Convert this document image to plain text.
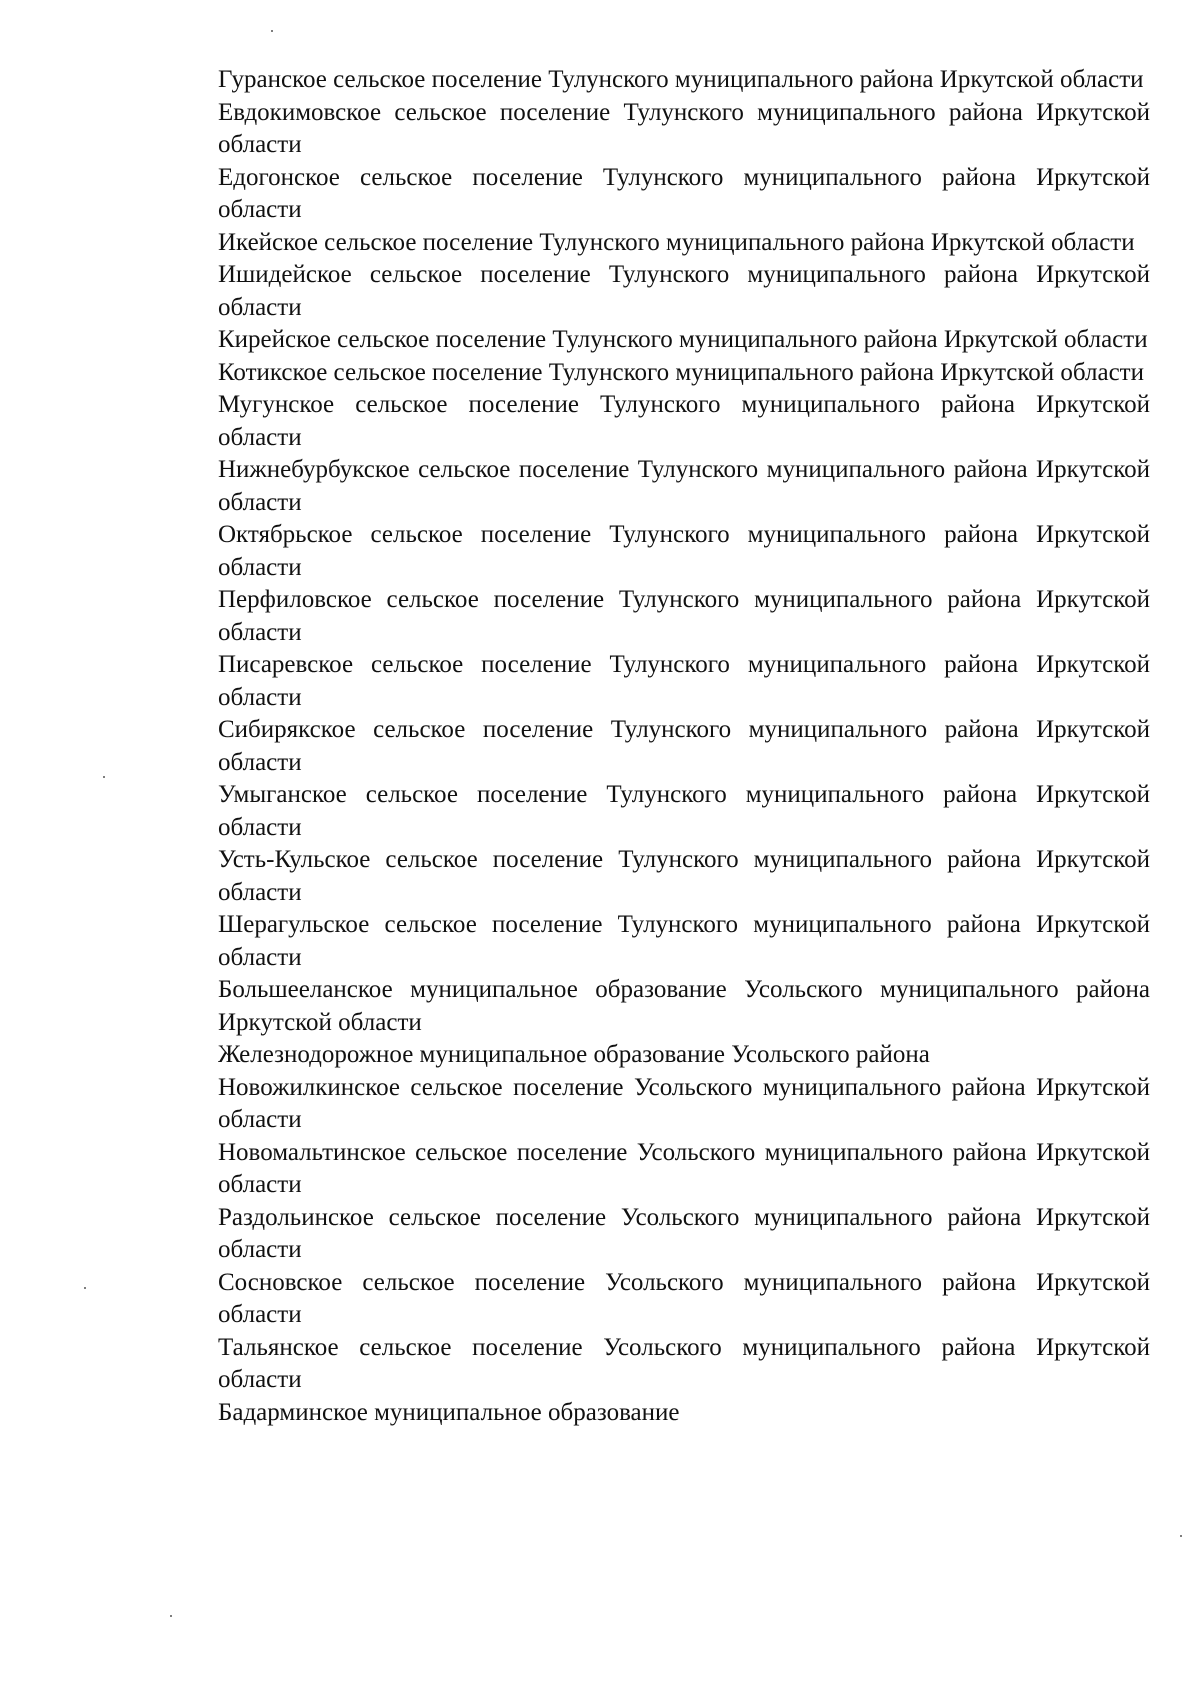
Гуранское сельское поселение Тулунского муниципального района Иркутской области
Евдокимовское сельское поселение Тулунского муниципального района Иркутской области
Едогонское сельское поселение Тулунского муниципального района Иркутской области
Икейское сельское поселение Тулунского муниципального района Иркутской области
Ишидейское сельское поселение Тулунского муниципального района Иркутской области
Кирейское сельское поселение Тулунского муниципального района Иркутской области
Котикское сельское поселение Тулунского муниципального района Иркутской области
Мугунское сельское поселение Тулунского муниципального района Иркутской области
Нижнебурбукское сельское поселение Тулунского муниципального района Иркутской области
Октябрьское сельское поселение Тулунского муниципального района Иркутской области
Перфиловское сельское поселение Тулунского муниципального района Иркутской области
Писаревское сельское поселение Тулунского муниципального района Иркутской области
Сибирякское сельское поселение Тулунского муниципального района Иркутской области
Умыганское сельское поселение Тулунского муниципального района Иркутской области
Усть-Кульское сельское поселение Тулунского муниципального района Иркутской области
Шерагульское сельское поселение Тулунского муниципального района Иркутской области
Большееланское муниципальное образование Усольского муниципального района Иркутской области
Железнодорожное муниципальное образование Усольского района
Новожилкинское сельское поселение Усольского муниципального района Иркутской области
Новомальтинское сельское поселение Усольского муниципального района Иркутской области
Раздольинское сельское поселение Усольского муниципального района Иркутской области
Сосновское сельское поселение Усольского муниципального района Иркутской области
Тальянское сельское поселение Усольского муниципального района Иркутской области
Бадарминское муниципальное образование
